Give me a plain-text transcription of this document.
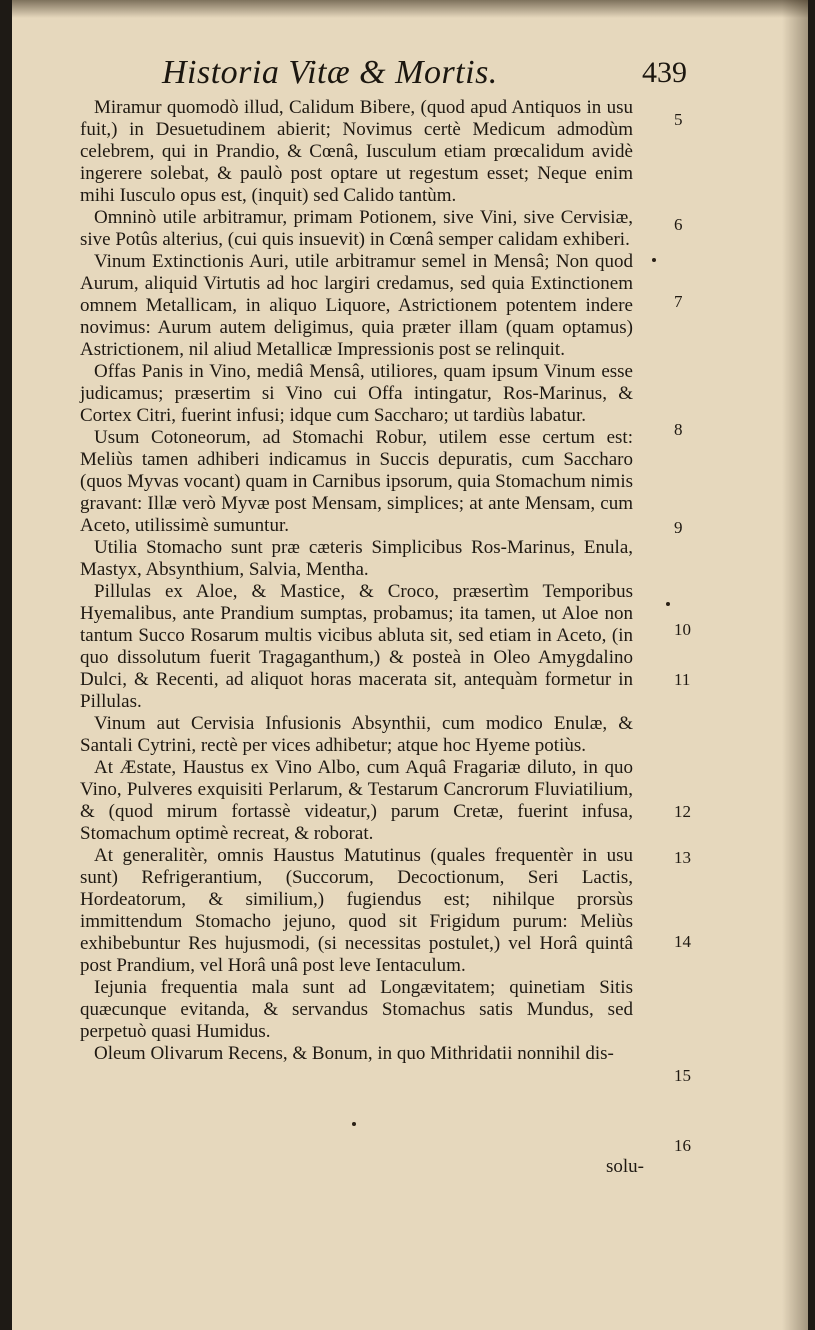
Historia Vitæ & Mortis.	439

Miramur quomodò illud, Calidum Bibere, (quod apud Antiquos in usu fuit,) in Desuetudinem abierit; Novimus certè Medicum admodùm celebrem, qui in Prandio, & Cœnâ, Iusculum etiam prœcalidum avidè ingerere solebat, & paulò post optare ut regestum esset; Neque enim mihi Iusculo opus est, (inquit) sed Calido tantùm.

Omninò utile arbitramur, primam Potionem, sive Vini, sive Cervisiæ, sive Potûs alterius, (cui quis insuevit) in Cœnâ semper calidam exhiberi.

Vinum Extinctionis Auri, utile arbitramur semel in Mensâ; Non quod Aurum, aliquid Virtutis ad hoc largiri credamus, sed quia Extinctionem omnem Metallicam, in aliquo Liquore, Astrictionem potentem indere novimus: Aurum autem deligimus, quia præter illam (quam optamus) Astrictionem, nil aliud Metallicæ Impressionis post se relinquit.

Offas Panis in Vino, mediâ Mensâ, utiliores, quam ipsum Vinum esse judicamus; præsertim si Vino cui Offa intingatur, Ros-Marinus, & Cortex Citri, fuerint infusi; idque cum Saccharo; ut tardiùs labatur.

Usum Cotoneorum, ad Stomachi Robur, utilem esse certum est: Meliùs tamen adhiberi indicamus in Succis depuratis, cum Saccharo (quos Myvas vocant) quam in Carnibus ipsorum, quia Stomachum nimis gravant: Illæ verò Myvæ post Mensam, simplices; at ante Mensam, cum Aceto, utilissimè sumuntur.

Utilia Stomacho sunt præ cæteris Simplicibus Ros-Marinus, Enula, Mastyx, Absynthium, Salvia, Mentha.

Pillulas ex Aloe, & Mastice, & Croco, præsertìm Temporibus Hyemalibus, ante Prandium sumptas, probamus; ita tamen, ut Aloe non tantum Succo Rosarum multis vicibus abluta sit, sed etiam in Aceto, (in quo dissolutum fuerit Tragaganthum,) & posteà in Oleo Amygdalino Dulci, & Recenti, ad aliquot horas macerata sit, antequàm formetur in Pillulas.

Vinum aut Cervisia Infusionis Absynthii, cum modico Enulæ, & Santali Cytrini, rectè per vices adhibetur; atque hoc Hyeme potiùs.

At Æstate, Haustus ex Vino Albo, cum Aquâ Fragariæ diluto, in quo Vino, Pulveres exquisiti Perlarum, & Testarum Cancrorum Fluviatilium, & (quod mirum fortassè videatur,) parum Cretæ, fuerint infusa, Stomachum optimè recreat, & roborat.

At generalitèr, omnis Haustus Matutinus (quales frequentèr in usu sunt) Refrigerantium, (Succorum, Decoctionum, Seri Lactis, Hordeatorum, & similium,) fugiendus est; nihilque prorsùs immittendum Stomacho jejuno, quod sit Frigidum purum: Meliùs exhibebuntur Res hujusmodi, (si necessitas postulet,) vel Horâ quintâ post Prandium, vel Horâ unâ post leve Ientaculum.

Iejunia frequentia mala sunt ad Longævitatem; quinetiam Sitis quæcunque evitanda, & servandus Stomachus satis Mundus, sed perpetuò quasi Humidus.

Oleum Olivarum Recens, & Bonum, in quo Mithridatii nonnihil dis-

5
6
7
8
9
10
11
12
13
14
15
16
solu-
